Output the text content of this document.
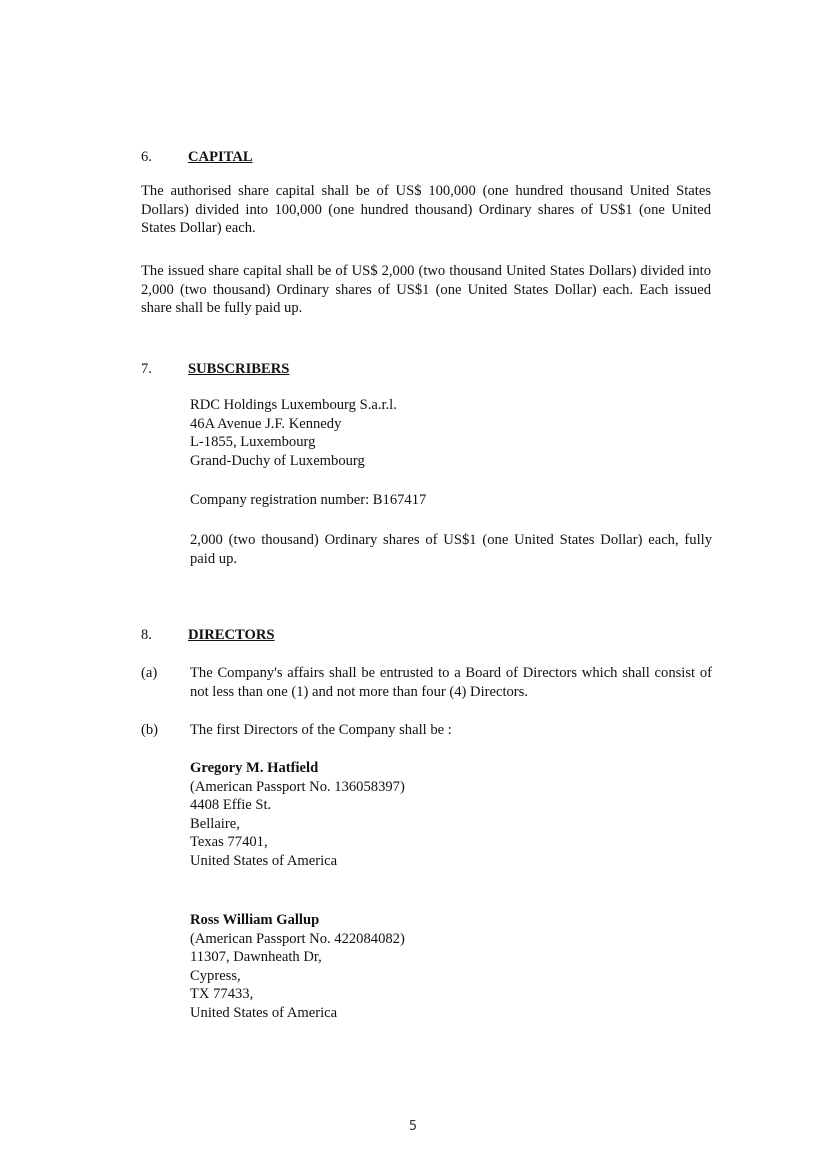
6. CAPITAL

The authorised share capital shall be of US$ 100,000 (one hundred thousand United States Dollars) divided into 100,000 (one hundred thousand) Ordinary shares of US$1 (one United States Dollar) each.

The issued share capital shall be of US$ 2,000 (two thousand United States Dollars) divided into 2,000 (two thousand) Ordinary shares of US$1 (one United States Dollar) each. Each issued share shall be fully paid up.

7. SUBSCRIBERS
RDC Holdings Luxembourg S.a.r.l.
46A Avenue J.F. Kennedy
L-1855, Luxembourg
Grand-Duchy of Luxembourg

Company registration number: B167417

2,000 (two thousand) Ordinary shares of US$1 (one United States Dollar) each, fully paid up.

8. DIRECTORS
(a) The Company's affairs shall be entrusted to a Board of Directors which shall consist of not less than one (1) and not more than four (4) Directors.

(b) The first Directors of the Company shall be :

Gregory M. Hatfield
(American Passport No. 136058397)
4408 Effie St.
Bellaire,
Texas 77401,
United States of America
Ross William Gallup
(American Passport No. 422084082)
11307, Dawnheath Dr,
Cypress,
TX 77433,
United States of America
5
